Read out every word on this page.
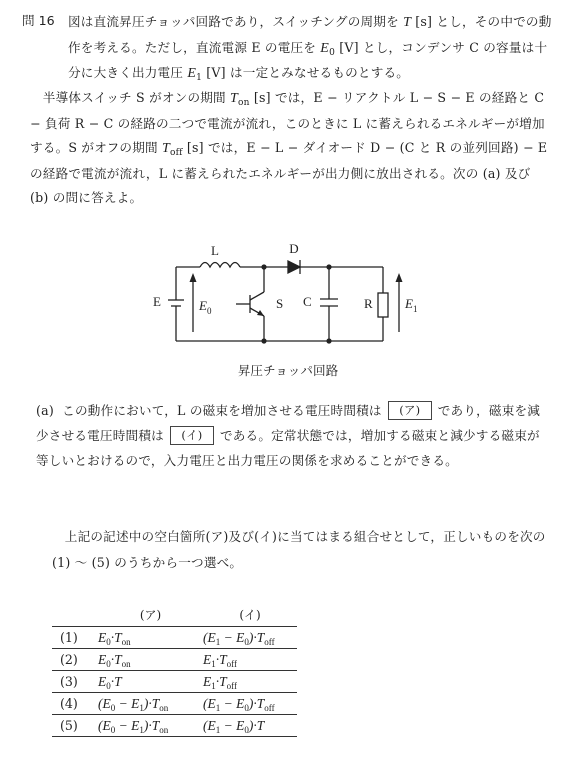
問 16 図は直流昇圧チョッパ回路であり，スイッチングの周期を T [s] とし，その中での動作を考える。ただし，直流電源 E の電圧を $E_0$ [V] とし，コンデンサ C の容量は十分に大きく出力電圧 $E_1$ [V] は一定とみなせるものとする。
　半導体スイッチ S がオンの期間 $T_{on}$ [s] では，E − リアクトル L − S − E の経路と C − 負荷 R − C の経路の二つで電流が流れ，このときに L に蓄えられるエネルギーが増加する。S がオフの期間 $T_{off}$ [s] では，E − L − ダイオード D − (C と R の並列回路) − E の経路で電流が流れ，L に蓄えられたエネルギーが出力側に放出される。次の (a) 及び (b) の問に答えよ。
L	D
E	E 0	S C	R E 1
昇圧チョッパ回路
(a) この動作において，L の磁束を増加させる電圧時間積は (ア) であり，磁束を減少させる電圧時間積は (イ) である。定常状態では，増加する磁束と減少する磁束が等しいとおけるので，入力電圧と出力電圧の関係を求めることができる。
　上記の記述中の空白箇所(ア)及び(イ)に当てはまる組合せとして，正しいものを次の (1) 〜 (5) のうちから一つ選べ。
	(ア)	(イ)
(1)	$E_0\cdot T_{on}$	$(E_1 - E_0)\cdot T_{off}$
(2)	$E_0\cdot T_{on}$	$E_1\cdot T_{off}$
(3)	$E_0\cdot T$	$E_1\cdot T_{off}$
(4)	$(E_0 - E_1)\cdot T_{on}$	$(E_1 - E_0)\cdot T_{off}$
(5)	$(E_0 - E_1)\cdot T_{on}$	$(E_1 - E_0)\cdot T$
